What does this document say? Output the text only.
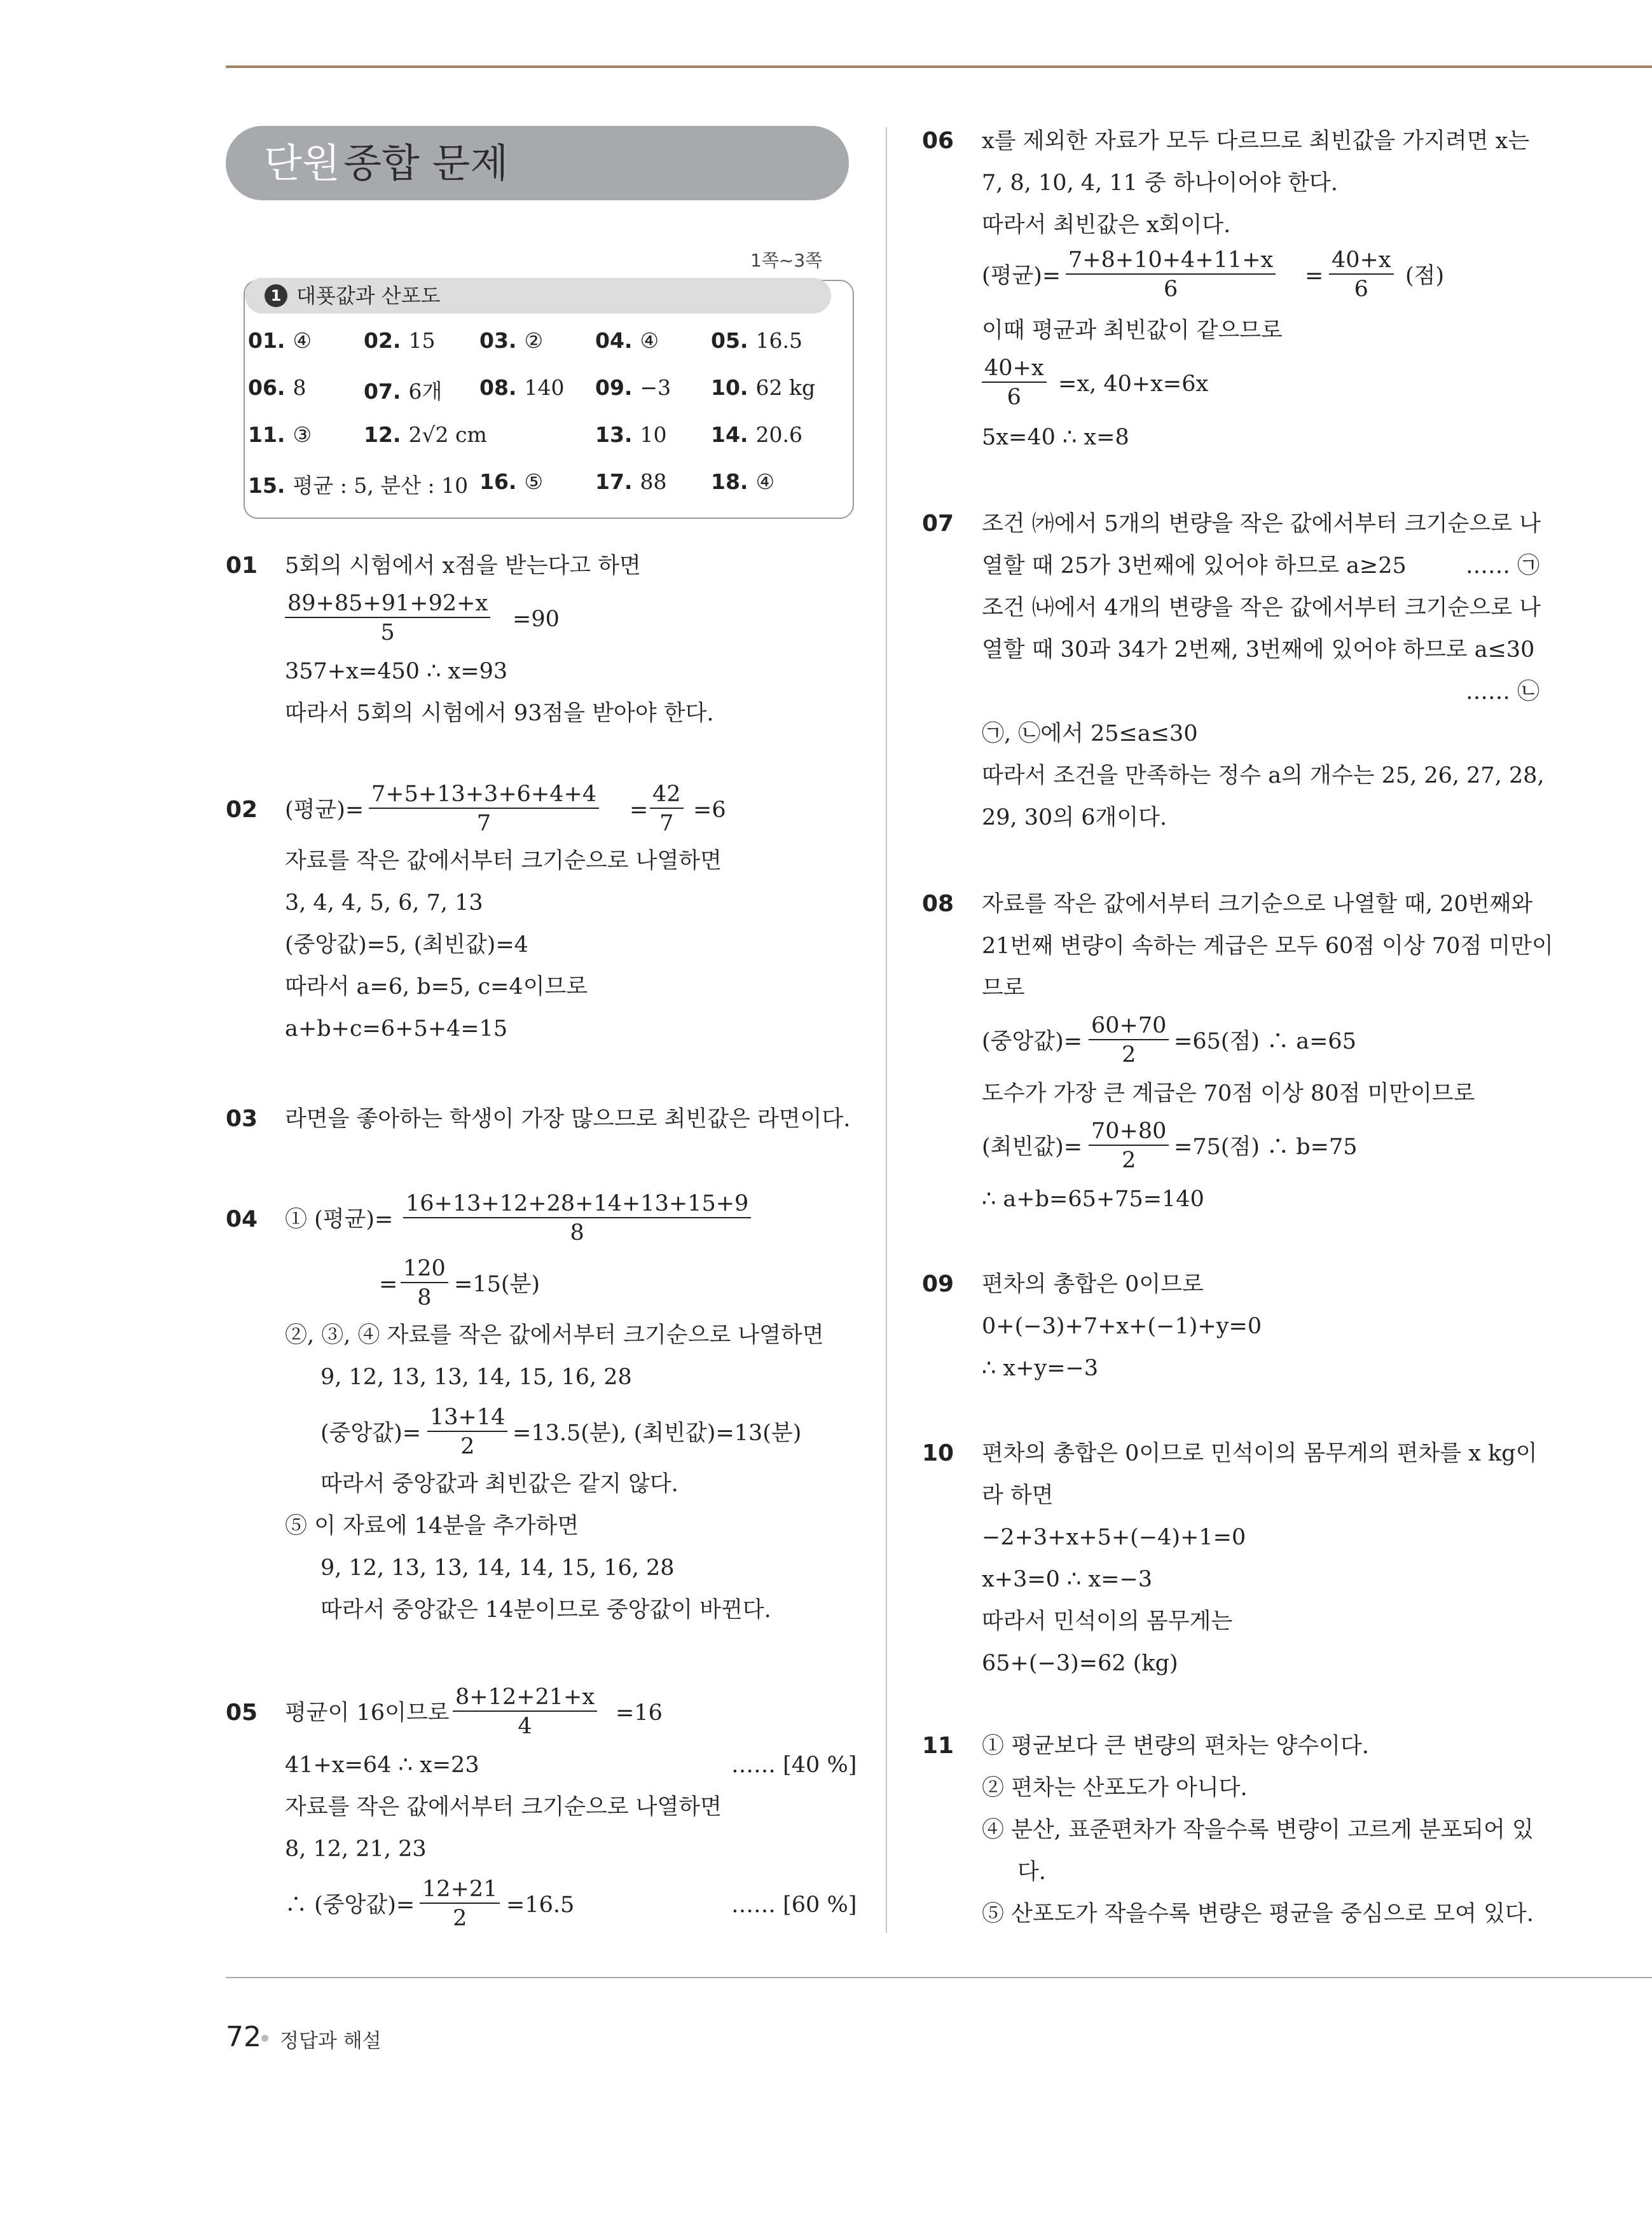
단원 종합 문제
1쪽~3쪽
1 대푯값과 산포도
01. ④ 02. 15 03. ② 04. ④ 05. 16.5
06. 8	07. 6개 08. 140 09. −3 10. 62 kg
11. ③ 12. 2√2 cm	13. 10 14. 20.6
15. 평균 : 5, 분산 : 10 16. ⑤ 17. 88 18. ④
01 5회의 시험에서 x점을 받는다고 하면
$\frac{89+85+91+92+x}{5} =90$
357+x=450 ∴ x=93
따라서 5회의 시험에서 93점을 받아야 한다.
02 (평균)= $\frac{7+5+13+3+6+4+4}{7} = \frac{42}{7} =6$
자료를 작은 값에서부터 크기순으로 나열하면
3, 4, 4, 5, 6, 7, 13
(중앙값)=5, (최빈값)=4
따라서 a=6, b=5, c=4이므로
a+b+c=6+5+4=15
03 라면을 좋아하는 학생이 가장 많으므로 최빈값은 라면이다.
04 ① (평균)= $\frac{16+13+12+28+14+13+15+9}{8}$
= $\frac{120}{8} =15$(분)
②, ③, ④ 자료를 작은 값에서부터 크기순으로 나열하면
9, 12, 13, 13, 14, 15, 16, 28
(중앙값)= $\frac{13+14}{2} =13.5$(분), (최빈값)=13(분)
따라서 중앙값과 최빈값은 같지 않다.
⑤ 이 자료에 14분을 추가하면
9, 12, 13, 13, 14, 14, 15, 16, 28
따라서 중앙값은 14분이므로 중앙값이 바뀐다.
05 평균이 16이므로 $\frac{8+12+21+x}{4} =16$
41+x=64 ∴ x=23	…… [40 %]
자료를 작은 값에서부터 크기순으로 나열하면
8, 12, 21, 23
∴ (중앙값)= $\frac{12+21}{2} =16.5$	…… [60 %]
06 x를 제외한 자료가 모두 다르므로 최빈값을 가지려면 x는
7, 8, 10, 4, 11 중 하나이어야 한다.
따라서 최빈값은 x회이다.
(평균)= $\frac{7+8+10+4+11+x}{6} = \frac{40+x}{6}$ (점)
이때 평균과 최빈값이 같으므로
$\frac{40+x}{6} =x$, 40+x=6x
5x=40 ∴ x=8
07 조건 ㈎에서 5개의 변량을 작은 값에서부터 크기순으로 나
열할 때 25가 3번째에 있어야 하므로 a≥25	…… ㉠
조건 ㈏에서 4개의 변량을 작은 값에서부터 크기순으로 나
열할 때 30과 34가 2번째, 3번째에 있어야 하므로 a≤30
…… ㉡
㉠, ㉡에서 25≤a≤30
따라서 조건을 만족하는 정수 a의 개수는 25, 26, 27, 28,
29, 30의 6개이다.
08 자료를 작은 값에서부터 크기순으로 나열할 때, 20번째와
21번째 변량이 속하는 계급은 모두 60점 이상 70점 미만이
므로
(중앙값)= $\frac{60+70}{2} =65$(점) ∴ a=65
도수가 가장 큰 계급은 70점 이상 80점 미만이므로
(최빈값)= $\frac{70+80}{2} =75$(점) ∴ b=75
∴ a+b=65+75=140
09 편차의 총합은 0이므로
0+(−3)+7+x+(−1)+y=0
∴ x+y=−3
10 편차의 총합은 0이므로 민석이의 몸무게의 편차를 x kg이
라 하면
−2+3+x+5+(−4)+1=0
x+3=0 ∴ x=−3
따라서 민석이의 몸무게는
65+(−3)=62 (kg)
11 ① 평균보다 큰 변량의 편차는 양수이다.
② 편차는 산포도가 아니다.
④ 분산, 표준편차가 작을수록 변량이 고르게 분포되어 있
다.
⑤ 산포도가 작을수록 변량은 평균을 중심으로 모여 있다.
72 정답과 해설
